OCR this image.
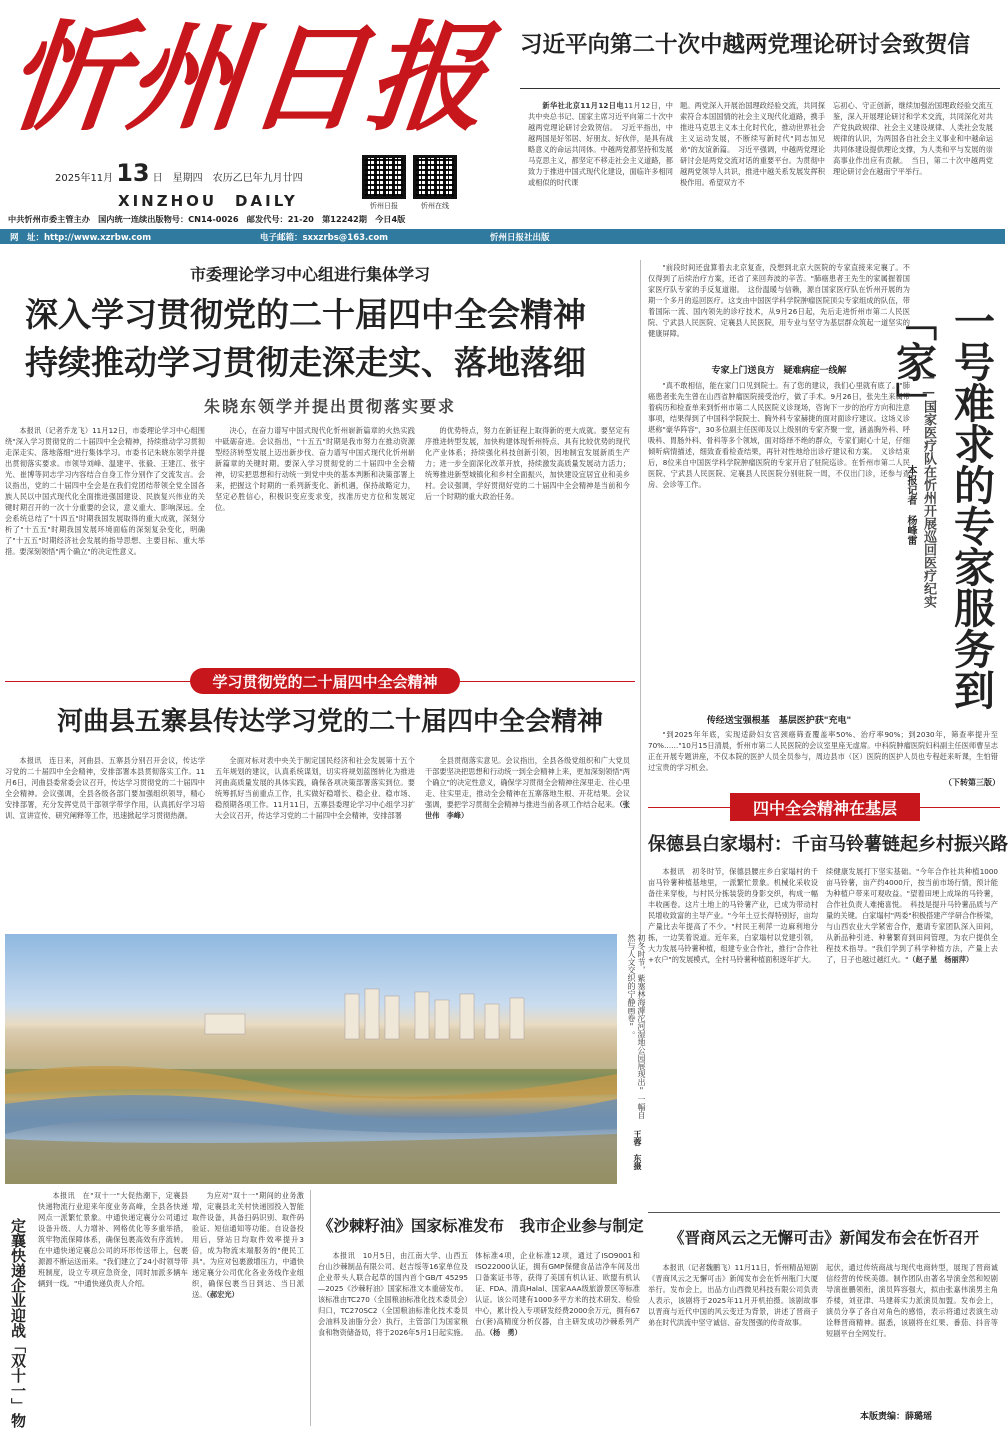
忻州日报
2025年11月 13 日　星期四　农历乙巳年九月廿四
XINZHOU　DAILY	忻州日报	忻州在线
中共忻州市委主管主办　国内统一连续出版物号：CN14-0026　邮发代号：21-20　第12242期　今日4版
网　址：http://www.xzrbw.com	电子邮箱：sxxzrbs@163.com	忻州日报社出版
习近平向第二十次中越两党理论研讨会致贺信
新华社北京11月12日电11月12日，中共中央总书记、国家主席习近平向第二十次中越两党理论研讨会致贺信。　习近平指出，中越两国是好邻居、好朋友、好伙伴，是具有战略意义的命运共同体。中越两党都坚持和发展马克思主义，都坚定不移走社会主义道路，都致力于推进中国式现代化建设，面临许多相同或相似的时代课
题。两党深入开展治国理政经验交流，共同探索符合本国国情的社会主义现代化道路，携手推进马克思主义本土化时代化，推动世界社会主义运动发展，不断续写新时代"同志加兄弟"的友谊新篇。　习近平强调，中越两党理论研讨会是两党交流对话的重要平台。为贯彻中越两党领导人共识，推进中越关系发展发挥积极作用。希望双方不
忘初心、守正创新，继续加强治国理政经验交流互鉴，深入开展理论研讨和学术交流，共同深化对共产党执政规律、社会主义建设规律、人类社会发展规律的认识，为两国各自社会主义事业和中越命运共同体建设提供理论支撑，为人类和平与发展的崇高事业作出应有贡献。　当日，第二十次中越两党理论研讨会在越南宁平举行。
市委理论学习中心组进行集体学习
深入学习贯彻党的二十届四中全会精神
持续推动学习贯彻走深走实、落地落细
朱晓东领学并提出贯彻落实要求
本报讯（记者乔龙飞）11月12日，市委理论学习中心组围绕"深入学习贯彻党的二十届四中全会精神，持续推动学习贯彻走深走实、落地落细"进行集体学习。市委书记朱晓东领学并提出贯彻落实要求。市领导刘峰、温建平、张毅、王建江、张宇光、崔博等同志学习内容结合自身工作分别作了交流发言。会议指出，党的二十届四中全会是在我们党团结带领全党全国各族人民以中国式现代化全面推进强国建设、民族复兴伟业的关键时期召开的一次十分重要的会议，意义重大、影响深远。全会系统总结了"十四五"时期我国发展取得的重大成就，深刻分析了"十五五"时期我国发展环境面临的深刻复杂变化，明确了"十五五"时期经济社会发展的指导思想、主要目标、重大举措。要深刻领悟"两个确立"的决定性意义。
决心，在奋力谱写中国式现代化忻州崭新篇章的火热实践中砥砺奋进。会议指出，"十五五"时期是我市努力在推动资源型经济转型发展上迈出新步伐、奋力谱写中国式现代化忻州崭新篇章的关键时期。要深入学习贯彻党的二十届四中全会精神，切实把思想和行动统一到党中央的基本判断和决策部署上来，把握这个时期的一系列新变化、新机遇，保持战略定力，坚定必胜信心，积极识变应变求变，找准历史方位和发展定位。
的优势特点，努力在新征程上取得新的更大成就。要坚定有序推进转型发展，加快构建体现忻州特点、具有比较优势的现代化产业体系；持续强化科技创新引领，因地制宜发展新质生产力；进一步全面深化改革开放，持续激发高质量发展动力活力；统筹推进新型城镇化和乡村全面振兴，加快建设宜居宜业和美乡村。会议强调，学好贯彻好党的二十届四中全会精神是当前和今后一个时期的重大政治任务。
学习贯彻党的二十届四中全会精神
河曲县五寨县传达学习党的二十届四中全会精神
本报讯　连日来，河曲县、五寨县分别召开会议，传达学习党的二十届四中全会精神，安排部署本县贯彻落实工作。11月6日，河曲县委常委会议召开，传达学习贯彻党的二十届四中全会精神。会议强调，全县各级各部门要加强组织领导，精心安排部署，充分发挥党员干部领学带学作用，认真抓好学习培训、宣讲宣传、研究阐释等工作，迅速掀起学习贯彻热潮。
全面对标对表中央关于制定国民经济和社会发展第十五个五年规划的建议，认真系统谋划，切实将规划蓝图转化为推进河曲高质量发展的具体实践，确保各项决策部署落实到位。要统筹抓好当前重点工作，扎实做好稳增长、稳企业、稳市场、稳预期各项工作。11月11日，五寨县委理论学习中心组学习扩大会议召开，传达学习党的二十届四中全会精神，安排部署
全县贯彻落实意见。会议指出，全县各级党组织和广大党员干部要坚决把思想和行动统一到全会精神上来，更加深刻领悟"两个确立"的决定性意义，确保学习贯彻全会精神往深里走、往心里走、往实里走，推动全会精神在五寨落地生根、开花结果。会议强调，要把学习贯彻全会精神与推进当前各项工作结合起来。（张世伟　李峰）
一号难求的专家服务到「家」
——国家医疗队在忻州开展巡回医疗纪实
本报记者　杨峰雷
"前段时间还盘算着去北京复查，没想到北京大医院的专家直接来定襄了。不仅得到了后续治疗方案，还省了来回奔波的辛苦。"肺癌患者王先生的家属握着国家医疗队专家的手反复道谢。　这份温暖与信赖，源自国家医疗队在忻州开展的为期一个多月的巡回医疗。这支由中国医学科学院肿瘤医院顶尖专家组成的队伍，带着国际一流、国内领先的诊疗技术，从9月26日起，先后走进忻州市第二人民医院、宁武县人民医院、定襄县人民医院，用专业与坚守为基层群众筑起一道坚实的健康屏障。
专家上门送良方　疑难病症一线解
"真不敢相信，能在家门口见到院士。有了您的建议，我们心里就有底了。"肺癌患者张先生曾在山西省肿瘤医院接受治疗，做了手术。9月26日，张先生来属带着病历和检查单来到忻州市第二人民医院义诊现场，咨询下一步的治疗方向和注意事项，结果得到了中国科学院院士、胸外科专家赫捷的面对面诊疗建议。这场义诊堪称"豪华阵容"，30多位副主任医师及以上级别的专家齐聚一堂，涵盖胸外科、呼吸科、胃肠外科、骨科等多个领域，面对络绎不绝的群众，专家们耐心十足，仔细倾听病情描述，细致查看检查结果，再针对性地给出诊疗建议和方案。　义诊结束后，8位来自中国医学科学院肿瘤医院的专家开启了驻院巡诊。在忻州市第二人民医院、宁武县人民医院、定襄县人民医院分别驻院一周，不仅出门诊，还参与查房、会诊等工作。
传经送宝强根基　基层医护获"充电"
"到2025年年底，实现适龄妇女宫颈癌筛查覆盖率50%、治疗率90%；到2030年，筛查率提升至70%……"10月15日清晨，忻州市第二人民医院的会议室里座无虚席。中科院肿瘤医院妇科副主任医师曹呈志正在开展专题讲座，不仅本院的医护人员全员参与，周边县市（区）医院的医护人员也专程赶来听课，生怕错过宝贵的学习机会。
（下转第三版）
四中全会精神在基层
保德县白家塌村：千亩马铃薯链起乡村振兴路
本报讯　初冬时节，保德县腰庄乡白家塌村的千亩马铃薯种植基地里，一派繁忙景象。机械化采收设备往来穿梭，与村民分拣装袋的身影交织，构成一幅丰收画卷。这片土地上的马铃薯产业，已成为带动村民增收致富的主导产业。"今年土豆长得特别好，亩均产量比去年提高了不少。"村民王利萍一边麻利地分拣，一边笑着说道。近年来，白家塌村以党建引领，大力发展马铃薯种植，组建专业合作社，推行"合作社+农户"的发展模式，全村马铃薯种植面积逐年扩大。
续健康发展打下坚实基础。"今年合作社共种植1000亩马铃薯，亩产约4000斤，按当前市场行情，预计能为种植户带来可观收益。"望着田埂上成垛的马铃薯，合作社负责人难掩喜悦。　科技是提升马铃薯品质与产量的关键。白家塌村"两委"积极搭建产学研合作桥梁，与山西农业大学紧密合作，邀请专家团队深入田间，从新品种引进、种薯繁育到田间管理，为农户提供全程技术指导。"我们学到了科学种植方法，产量上去了，日子也越过越红火。"（赵子星　杨丽萍）
初冬时节，紫塞林海滹沱河湿地公园展现出"一幅自然与人文交织的宁静画卷"。
王蓉　东摄
定襄快递企业迎战「双十一」物
本报讯　在"双十一"大促热潮下，定襄县快递物流行业迎来年度业务高峰，全县各快递网点一派繁忙景象。中通快递定襄分公司通过设备升级、人力增补、网格优化等多重举措，筑牢物流保障体系，确保包裹高效有序流转。在中通快递定襄总公司的环形传送带上，包裹源源不断运送而来。"我们建立了24小时领导带班制度，设立专项应急资金，同时加派多辆车辆到一线。"中通快递负责人介绍。
为应对"双十一"期间的业务激增，定襄县北关村快递园投入智能取件设备，具备扫码识别、取件码验证、短信通知等功能。自设备投用后，驿站日均取件效率提升3倍，成为物流末端服务的"便民工具"。为应对包裹激增压力，中通快递定襄分公司优化各业务线作业组织，确保包裹当日到达、当日派送。（郝宏光）
《沙棘籽油》国家标准发布　我市企业参与制定
本报讯　10月5日，由江南大学、山西五台山沙棘制品有限公司、赵吉绥等16家单位及企业带头人联合起草的国内首个GB/T 45295—2025《沙棘籽油》国家标准文本重磅发布。该标准由TC270（全国粮油标准化技术委员会）归口，TC270SC2（全国粮油标准化技术委员会油料及油脂分会）执行，主管部门为国家粮食和物资储备局，将于2026年5月1日起实施。
体标准4项，企业标准12项，通过了ISO9001和ISO22000认证，拥有GMP保健食品洁净车间及出口备案证书等，获得了美国有机认证、欧盟有机认证、FDA、清真Halal、国家AAA级旅游景区等标准认证。该公司建有1000多平方米的技术研发、检验中心，累计投入专项研发经费2000余万元，拥有67台(套)高精度分析仪器，自主研发成功沙棘系列产品。（杨　勇）
《晋商风云之无懈可击》新闻发布会在忻召开
本报讯（记者魏鹏飞）11月11日，忻州精品短剧《晋商风云之无懈可击》新闻发布会在忻州瓶门大厦举行。发布会上，出品方山西微见科技有限公司负责人表示，该剧将于2025年11月开机拍摄。该剧故事以晋商与近代中国的风云变迁为背景，讲述了晋商子弟在时代洪流中坚守诚信、奋发图强的传奇故事。
起伏，通过传统商战与现代电商转型，展现了晋商诚信经营的传统美德。制作团队由著名导演金然和短剧导演崔鹏领衔，演员阵容强大，拟由张嘉伟演男主角乔楼，刘亚津、马建蒋实力派演员加盟。发布会上，演员分享了各自对角色的感悟，表示将通过表演生动诠释晋商精神。据悉，该剧将在红果、番茄、抖音等短剧平台全网发行。
本版责编：薛璐瑶
